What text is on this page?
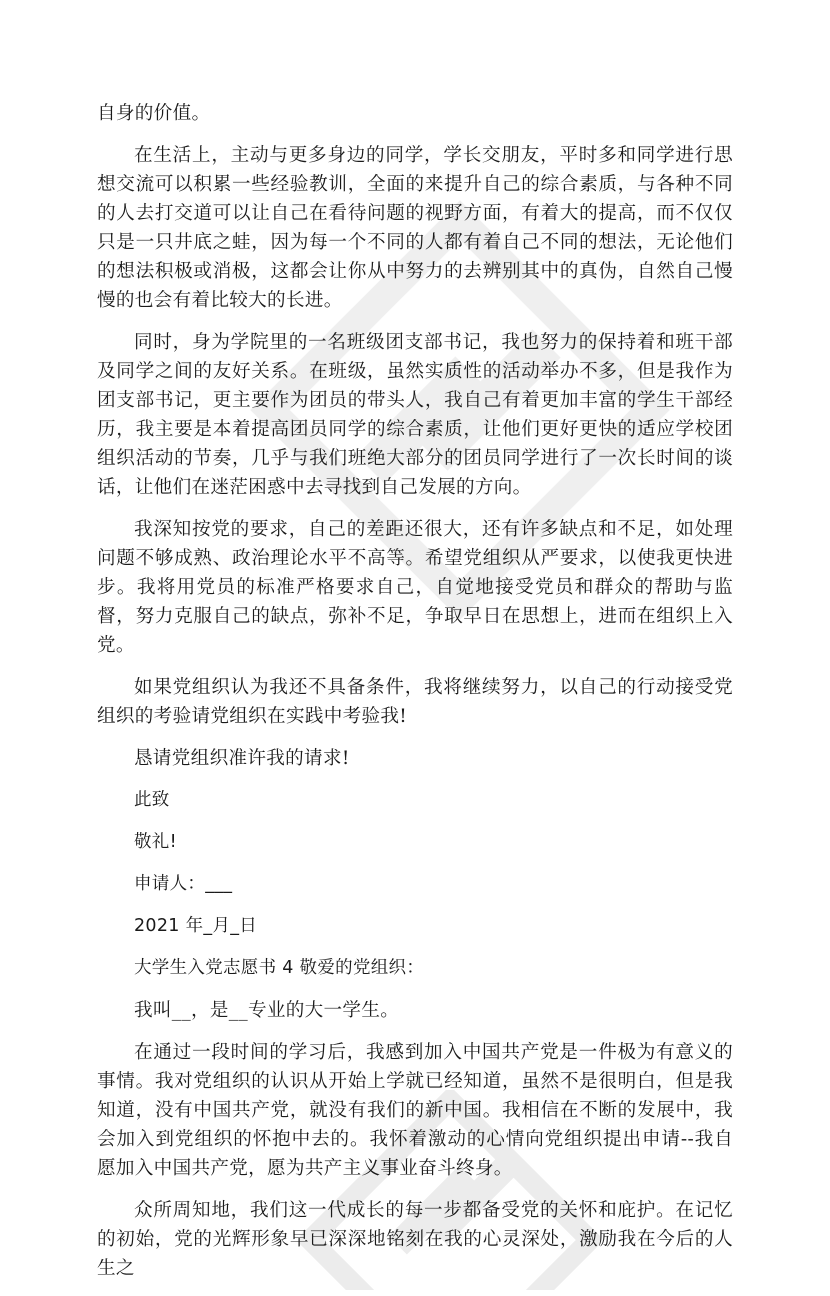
自身的价值。

在生活上，主动与更多身边的同学，学长交朋友，平时多和同学进行思想交流可以积累一些经验教训，全面的来提升自己的综合素质，与各种不同的人去打交道可以让自己在看待问题的视野方面，有着大的提高，而不仅仅只是一只井底之蛙，因为每一个不同的人都有着自己不同的想法，无论他们的想法积极或消极，这都会让你从中努力的去辨别其中的真伪，自然自己慢慢的也会有着比较大的长进。

同时，身为学院里的一名班级团支部书记，我也努力的保持着和班干部及同学之间的友好关系。在班级，虽然实质性的活动举办不多，但是我作为团支部书记，更主要作为团员的带头人，我自己有着更加丰富的学生干部经历，我主要是本着提高团员同学的综合素质，让他们更好更快的适应学校团组织活动的节奏，几乎与我们班绝大部分的团员同学进行了一次长时间的谈话，让他们在迷茫困惑中去寻找到自己发展的方向。

我深知按党的要求，自己的差距还很大，还有许多缺点和不足，如处理问题不够成熟、政治理论水平不高等。希望党组织从严要求，以使我更快进步。我将用党员的标准严格要求自己，自觉地接受党员和群众的帮助与监督，努力克服自己的缺点，弥补不足，争取早日在思想上，进而在组织上入党。

如果党组织认为我还不具备条件，我将继续努力，以自己的行动接受党组织的考验请党组织在实践中考验我!

恳请党组织准许我的请求!

此致

敬礼!

申请人：___

2021 年_月_日

大学生入党志愿书 4 敬爱的党组织：

我叫__，是__专业的大一学生。

在通过一段时间的学习后，我感到加入中国共产党是一件极为有意义的事情。我对党组织的认识从开始上学就已经知道，虽然不是很明白，但是我知道，没有中国共产党，就没有我们的新中国。我相信在不断的发展中，我会加入到党组织的怀抱中去的。我怀着激动的心情向党组织提出申请--我自愿加入中国共产党，愿为共产主义事业奋斗终身。

众所周知地，我们这一代成长的每一步都备受党的关怀和庇护。在记忆的初始，党的光辉形象早已深深地铭刻在我的心灵深处，激励我在今后的人生之
